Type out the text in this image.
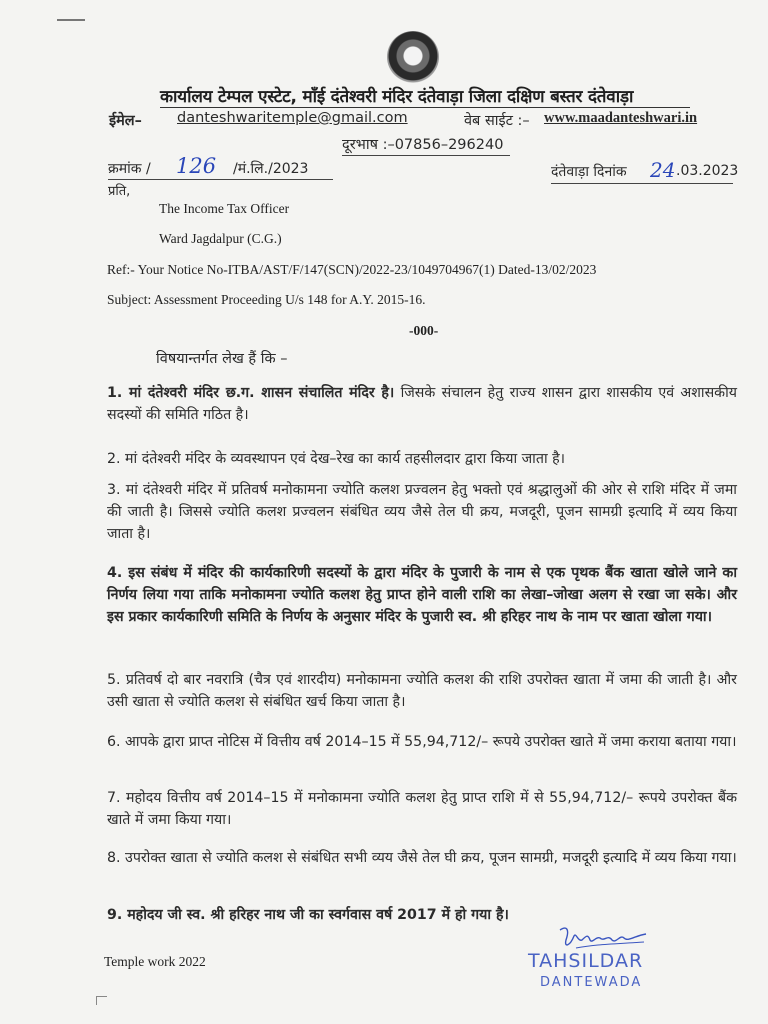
कार्यालय टेम्पल एस्टेट, माँई दंतेश्वरी मंदिर दंतेवाड़ा जिला दक्षिण बस्तर दंतेवाड़ा
ईमेल– danteshwaritemple@gmail.com	वेब साईट :– www.maadanteshwari.in
दूरभाष :–07856–296240
क्रमांक / 126 /मं.लि./2023	दंतेवाड़ा दिनांक 24 .03.2023
प्रति,
The Income Tax Officer
Ward Jagdalpur (C.G.)
Ref:- Your Notice No-ITBA/AST/F/147(SCN)/2022-23/1049704967(1) Dated-13/02/2023
Subject: Assessment Proceeding U/s 148 for A.Y. 2015-16.
-000-
विषयान्तर्गत लेख हैं कि –
1. मां दंतेश्वरी मंदिर छ.ग. शासन संचालित मंदिर है। जिसके संचालन हेतु राज्य शासन द्वारा शासकीय एवं अशासकीय सदस्यों की समिति गठित है।
2. मां दंतेश्वरी मंदिर के व्यवस्थापन एवं देख–रेख का कार्य तहसीलदार द्वारा किया जाता है।
3. मां दंतेश्वरी मंदिर में प्रतिवर्ष मनोकामना ज्योति कलश प्रज्वलन हेतु भक्तो एवं श्रद्धालुओं की ओर से राशि मंदिर में जमा की जाती है। जिससे ज्योति कलश प्रज्वलन संबंधित व्यय जैसे तेल घी क्रय, मजदूरी, पूजन सामग्री इत्यादि में व्यय किया जाता है।
4. इस संबंध में मंदिर की कार्यकारिणी सदस्यों के द्वारा मंदिर के पुजारी के नाम से एक पृथक बैंक खाता खोले जाने का निर्णय लिया गया ताकि मनोकामना ज्योति कलश हेतु प्राप्त होने वाली राशि का लेखा–जोखा अलग से रखा जा सके। और इस प्रकार कार्यकारिणी समिति के निर्णय के अनुसार मंदिर के पुजारी स्व. श्री हरिहर नाथ के नाम पर खाता खोला गया।
5. प्रतिवर्ष दो बार नवरात्रि (चैत्र एवं शारदीय) मनोकामना ज्योति कलश की राशि उपरोक्त खाता में जमा की जाती है। और उसी खाता से ज्योति कलश से संबंधित खर्च किया जाता है।
6. आपके द्वारा प्राप्त नोटिस में वित्तीय वर्ष 2014–15 में 55,94,712/– रूपये उपरोक्त खाते में जमा कराया बताया गया।
7. महोदय वित्तीय वर्ष 2014–15 में मनोकामना ज्योति कलश हेतु प्राप्त राशि में से 55,94,712/– रूपये उपरोक्त बैंक खाते में जमा किया गया।
8. उपरोक्त खाता से ज्योति कलश से संबंधित सभी व्यय जैसे तेल घी क्रय, पूजन सामग्री, मजदूरी इत्यादि में व्यय किया गया।
9. महोदय जी स्व. श्री हरिहर नाथ जी का स्वर्गवास वर्ष 2017 में हो गया है।
Temple work 2022	TAHSILDAR
DANTEWADA
